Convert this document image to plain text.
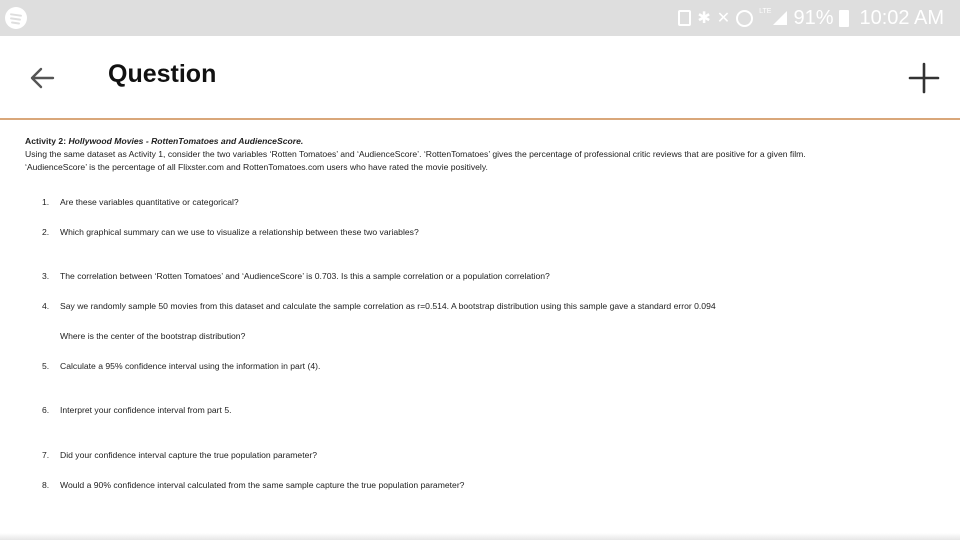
✱ ✕	LTE 91% 10:02 AM
Question
Activity 2: Hollywood Movies - RottenTomatoes and AudienceScore.
Using the same dataset as Activity 1, consider the two variables ‘Rotten Tomatoes’ and ‘AudienceScore’. ‘RottenTomatoes’ gives the percentage of professional critic reviews that are positive for a given film.
‘AudienceScore’ is the percentage of all Flixster.com and RottenTomatoes.com users who have rated the movie positively.
1. Are these variables quantitative or categorical?
2. Which graphical summary can we use to visualize a relationship between these two variables?
3. The correlation between ‘Rotten Tomatoes’ and ‘AudienceScore’ is 0.703. Is this a sample correlation or a population correlation?
4. Say we randomly sample 50 movies from this dataset and calculate the sample correlation as r=0.514. A bootstrap distribution using this sample gave a standard error 0.094
Where is the center of the bootstrap distribution?
5. Calculate a 95% confidence interval using the information in part (4).
6. Interpret your confidence interval from part 5.
7. Did your confidence interval capture the true population parameter?
8. Would a 90% confidence interval calculated from the same sample capture the true population parameter?
